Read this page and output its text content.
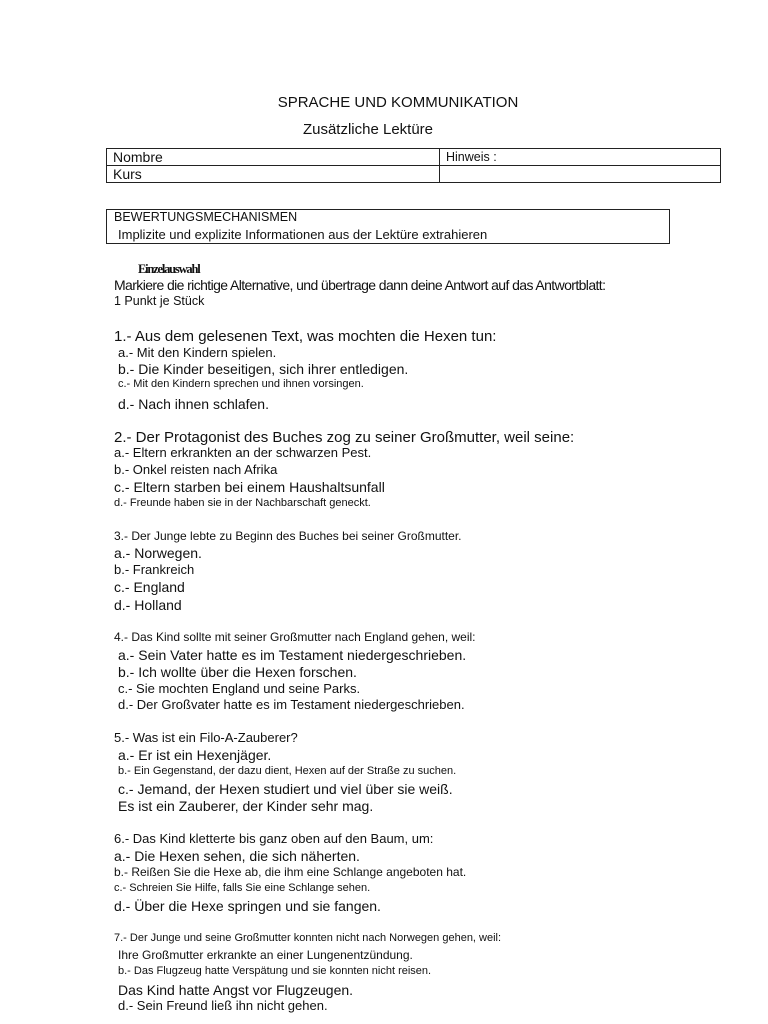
SPRACHE UND KOMMUNIKATION
Zusätzliche Lektüre
Nombre	Hinweis :
Kurs	
BEWERTUNGSMECHANISMEN
Implizite und explizite Informationen aus der Lektüre extrahieren
Einzelauswahl
Markiere die richtige Alternative, und übertrage dann deine Antwort auf das Antwortblatt:
1 Punkt je Stück
1.- Aus dem gelesenen Text, was mochten die Hexen tun:
a.- Mit den Kindern spielen.
b.- Die Kinder beseitigen, sich ihrer entledigen.
c.- Mit den Kindern sprechen und ihnen vorsingen.
d.- Nach ihnen schlafen.
2.- Der Protagonist des Buches zog zu seiner Großmutter, weil seine:
a.- Eltern erkrankten an der schwarzen Pest.
b.- Onkel reisten nach Afrika
c.- Eltern starben bei einem Haushaltsunfall
d.- Freunde haben sie in der Nachbarschaft geneckt.
3.- Der Junge lebte zu Beginn des Buches bei seiner Großmutter.
a.- Norwegen.
b.- Frankreich
c.- England
d.- Holland
4.- Das Kind sollte mit seiner Großmutter nach England gehen, weil:
a.- Sein Vater hatte es im Testament niedergeschrieben.
b.- Ich wollte über die Hexen forschen.
c.- Sie mochten England und seine Parks.
d.- Der Großvater hatte es im Testament niedergeschrieben.
5.- Was ist ein Filo-A-Zauberer?
a.- Er ist ein Hexenjäger.
b.- Ein Gegenstand, der dazu dient, Hexen auf der Straße zu suchen.
c.- Jemand, der Hexen studiert und viel über sie weiß.
Es ist ein Zauberer, der Kinder sehr mag.
6.- Das Kind kletterte bis ganz oben auf den Baum, um:
a.- Die Hexen sehen, die sich näherten.
b.- Reißen Sie die Hexe ab, die ihm eine Schlange angeboten hat.
c.- Schreien Sie Hilfe, falls Sie eine Schlange sehen.
d.- Über die Hexe springen und sie fangen.
7.- Der Junge und seine Großmutter konnten nicht nach Norwegen gehen, weil:
Ihre Großmutter erkrankte an einer Lungenentzündung.
b.- Das Flugzeug hatte Verspätung und sie konnten nicht reisen.
Das Kind hatte Angst vor Flugzeugen.
d.- Sein Freund ließ ihn nicht gehen.
